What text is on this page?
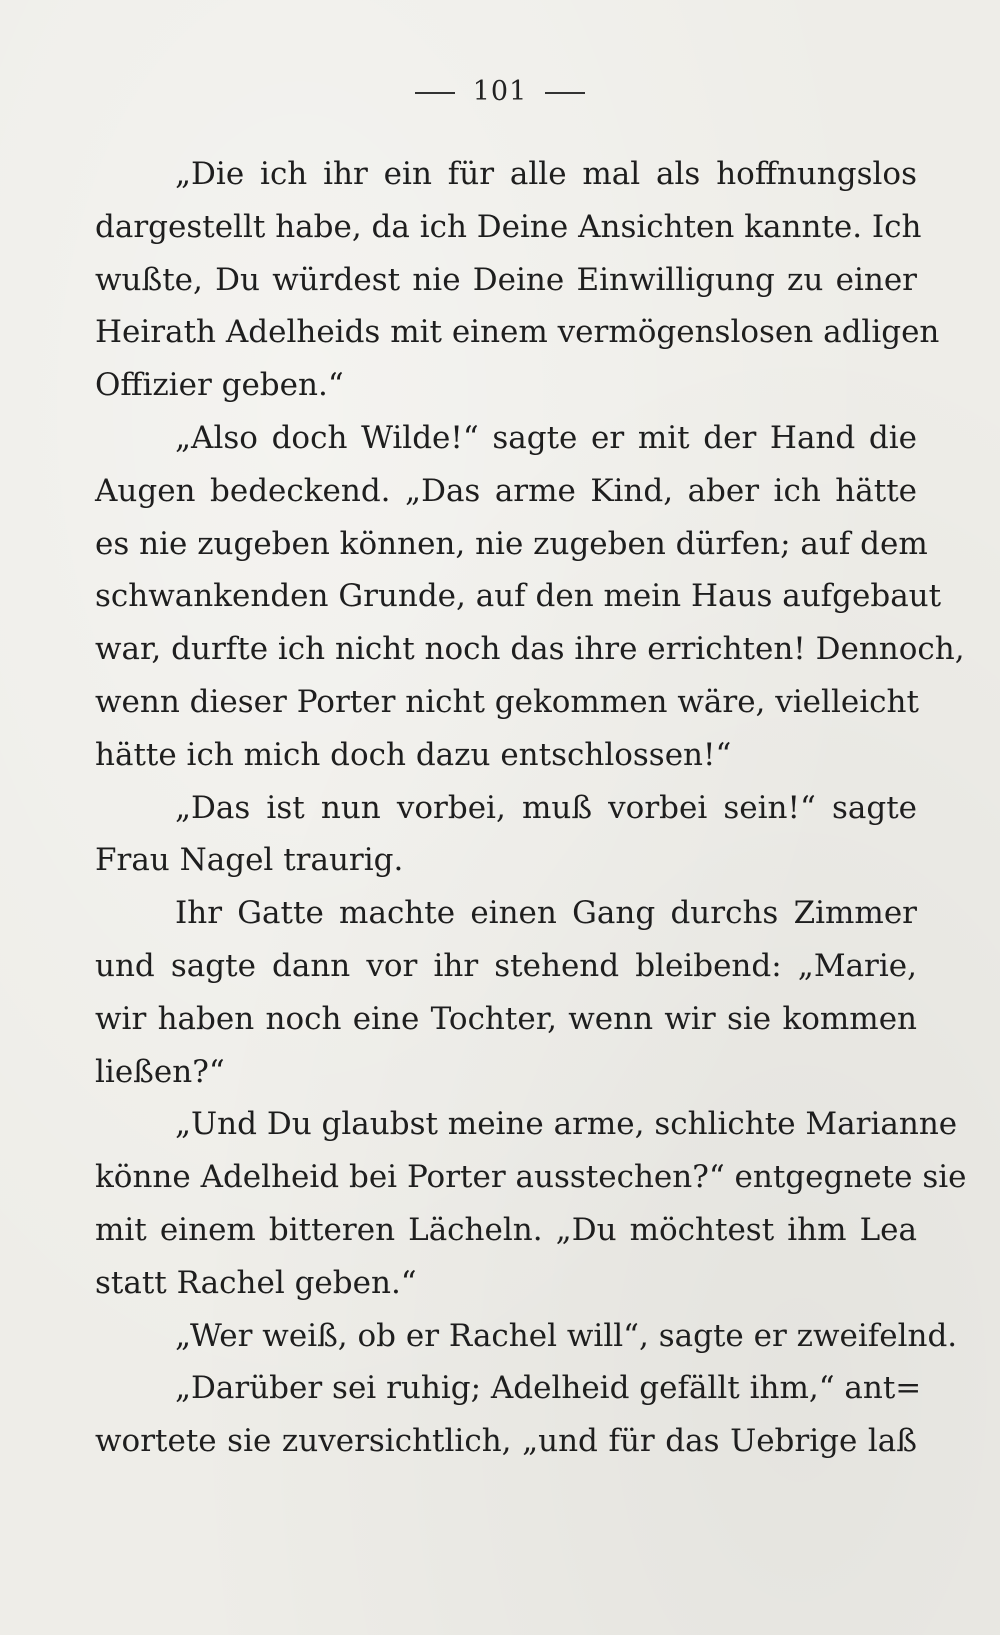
101
„Die ich ihr ein für alle mal als hoffnungslos
dargestellt habe, da ich Deine Ansichten kannte. Ich
wußte, Du würdest nie Deine Einwilligung zu einer
Heirath Adelheids mit einem vermögenslosen adligen
Offizier geben.“
„Also doch Wilde!“ sagte er mit der Hand die
Augen bedeckend. „Das arme Kind, aber ich hätte
es nie zugeben können, nie zugeben dürfen; auf dem
schwankenden Grunde, auf den mein Haus aufgebaut
war, durfte ich nicht noch das ihre errichten! Dennoch,
wenn dieser Porter nicht gekommen wäre, vielleicht
hätte ich mich doch dazu entschlossen!“
„Das ist nun vorbei, muß vorbei sein!“ sagte
Frau Nagel traurig.
Ihr Gatte machte einen Gang durchs Zimmer
und sagte dann vor ihr stehend bleibend: „Marie,
wir haben noch eine Tochter, wenn wir sie kommen
ließen?“
„Und Du glaubst meine arme, schlichte Marianne
könne Adelheid bei Porter ausstechen?“ entgegnete sie
mit einem bitteren Lächeln. „Du möchtest ihm Lea
statt Rachel geben.“
„Wer weiß, ob er Rachel will“, sagte er zweifelnd.
„Darüber sei ruhig; Adelheid gefällt ihm,“ ant=
wortete sie zuversichtlich, „und für das Uebrige laß
